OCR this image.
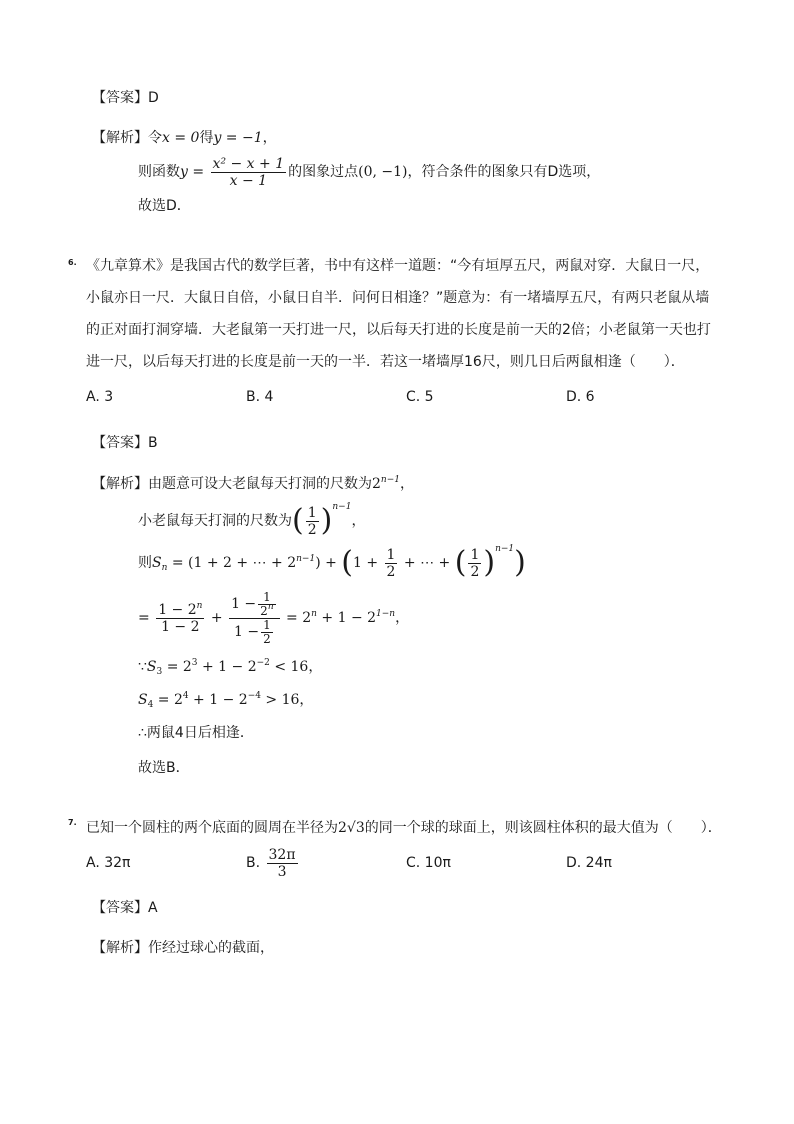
【答案】D
【解析】令x = 0得y = −1，
则函数$y = \frac{\text{x² − x + 1}}{x - 1}$ 的图象过点(0, −1)，符合条件的图象只有D选项，
故选D．
6. 《九章算术》是我国古代的数学巨著，书中有这样一道题：“今有垣厚五尺，两鼠对穿．大鼠日一尺，
小鼠亦日一尺．大鼠日自倍，小鼠日自半．问何日相逢？”题意为：有一堵墙厚五尺，有两只老鼠从墙
的正对面打洞穿墙．大老鼠第一天打进一尺，以后每天打进的长度是前一天的2倍；小老鼠第一天也打
进一尺，以后每天打进的长度是前一天的一半．若这一堵墙厚16尺，则几日后两鼠相逢（　　）．
A. 3	B. 4	C. 5	D. 6
【答案】B
【解析】由题意可设大老鼠每天打洞的尺数为$2^{n-1}$，
小老鼠每天打洞的尺数为( $\frac{1}{2} )^{n-1}$，
则$S_n = (1 + 2$ + ⋯ + $2^{n-1}) + (1 + \frac{1}{2}$ + ⋯ + ( $\frac{1}{2} )^{n-1}$)
= $\frac{1 - 2^n}{1 - 2} + \frac{1 - \frac{1}{2^n}}{1 - \frac{1}{2}} = 2^n + 1 - 2^{1-n}$，
$\because S_3 = 2^3 + 1 - 2^{-2} < 16$，
$S_4 = 2^4 + 1 - 2^{-4} > 16$，
∴两鼠4日后相逢．
故选B．
7. 已知一个圆柱的两个底面的圆周在半径为2√3的同一个球的球面上，则该圆柱体积的最大值为（　　）．
A. 32π	B. $\frac{32\pi}{3}$	C. 10π	D. 24π
【答案】A
【解析】作经过球心的截面，
